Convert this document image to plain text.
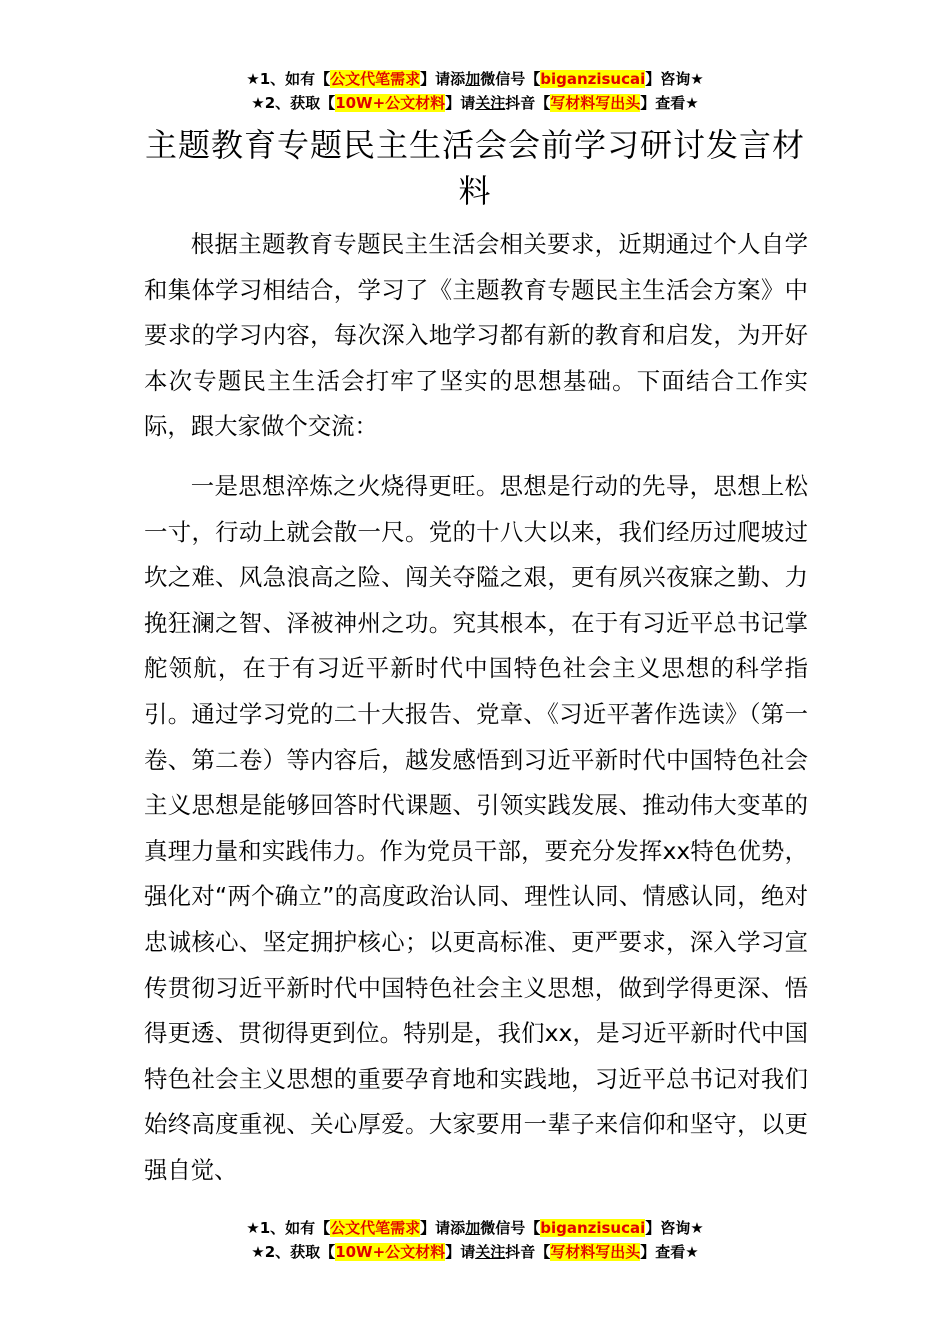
★1、如有【公文代笔需求】请添加微信号【biganzisucai】咨询★
★2、获取【10W+公文材料】请关注抖音【写材料写出头】查看★
主题教育专题民主生活会会前学习研讨发言材料

根据主题教育专题民主生活会相关要求，近期通过个人自学和集体学习相结合，学习了《主题教育专题民主生活会方案》中要求的学习内容，每次深入地学习都有新的教育和启发，为开好本次专题民主生活会打牢了坚实的思想基础。下面结合工作实际，跟大家做个交流：

一是思想淬炼之火烧得更旺。思想是行动的先导，思想上松一寸，行动上就会散一尺。党的十八大以来，我们经历过爬坡过坎之难、风急浪高之险、闯关夺隘之艰，更有夙兴夜寐之勤、力挽狂澜之智、泽被神州之功。究其根本，在于有习近平总书记掌舵领航，在于有习近平新时代中国特色社会主义思想的科学指引。通过学习党的二十大报告、党章、《习近平著作选读》（第一卷、第二卷）等内容后，越发感悟到习近平新时代中国特色社会主义思想是能够回答时代课题、引领实践发展、推动伟大变革的真理力量和实践伟力。作为党员干部，要充分发挥xx特色优势，强化对“两个确立”的高度政治认同、理性认同、情感认同，绝对忠诚核心、坚定拥护核心；以更高标准、更严要求，深入学习宣传贯彻习近平新时代中国特色社会主义思想，做到学得更深、悟得更透、贯彻得更到位。特别是，我们xx，是习近平新时代中国特色社会主义思想的重要孕育地和实践地，习近平总书记对我们始终高度重视、关心厚爱。大家要用一辈子来信仰和坚守，以更强自觉、

★1、如有【公文代笔需求】请添加微信号【biganzisucai】咨询★
★2、获取【10W+公文材料】请关注抖音【写材料写出头】查看★
